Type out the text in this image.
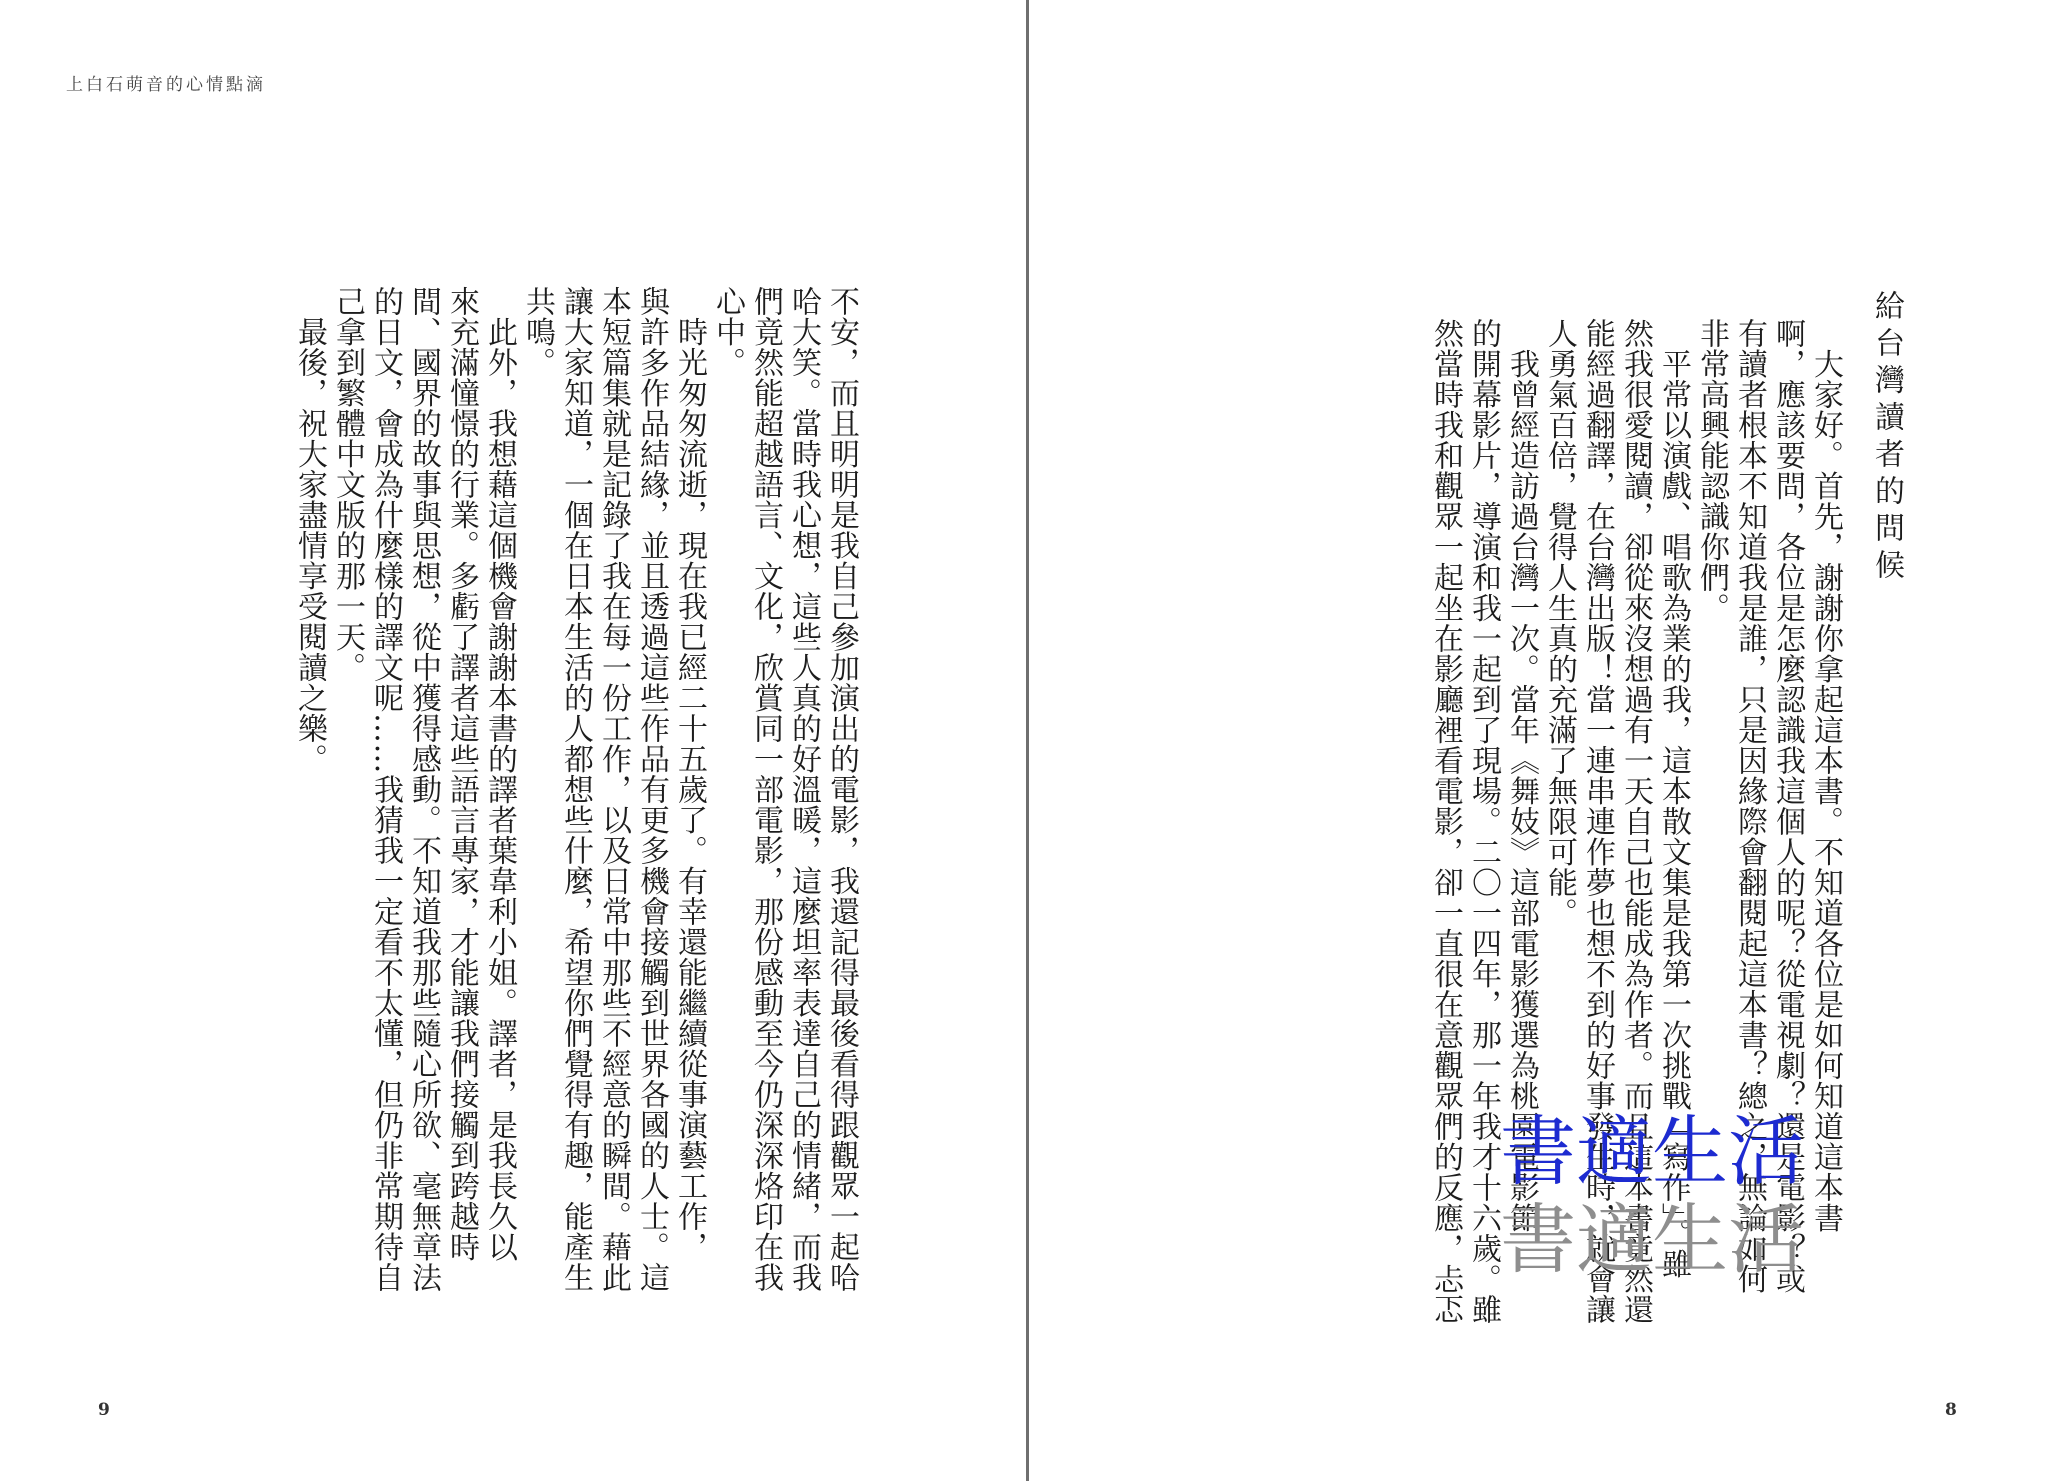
上白石萌音的心情點滴
不安，而且明明是我自己參加演出的電影，我還記得最後看得跟觀眾一起哈
哈大笑。當時我心想，這些人真的好溫暖，這麼坦率表達自己的情緒，而我
們竟然能超越語言、文化，欣賞同一部電影，那份感動至今仍深深烙印在我
心中。
　時光匆匆流逝，現在我已經二十五歲了。有幸還能繼續從事演藝工作，
與許多作品結緣，並且透過這些作品有更多機會接觸到世界各國的人士。這
本短篇集就是記錄了我在每一份工作，以及日常中那些不經意的瞬間。藉此
讓大家知道，一個在日本生活的人都想些什麼，希望你們覺得有趣，能產生
共鳴。
　此外，我想藉這個機會謝謝本書的譯者葉韋利小姐。譯者，是我長久以
來充滿憧憬的行業。多虧了譯者這些語言專家，才能讓我們接觸到跨越時
間、國界的故事與思想，從中獲得感動。不知道我那些隨心所欲、毫無章法
的日文，會成為什麼樣的譯文呢……我猜我一定看不太懂，但仍非常期待自
己拿到繁體中文版的那一天。
　最後，祝大家盡情享受閱讀之樂。
9
給台灣讀者的問候
　大家好。首先，謝謝你拿起這本書。不知道各位是如何知道這本書
啊，應該要問，各位是怎麼認識我這個人的呢？從電視劇？還是電影？或
有讀者根本不知道我是誰，只是因緣際會翻閱起這本書？總之，無論如何
非常高興能認識你們。
　平常以演戲、唱歌為業的我，這本散文集是我第一次挑戰「寫作」。雖
然我很愛閱讀，卻從來沒想過有一天自己也能成為作者。而且這本書竟然還
能經過翻譯，在台灣出版！當一連串連作夢也想不到的好事發生時，就會讓
人勇氣百倍，覺得人生真的充滿了無限可能。
　我曾經造訪過台灣一次。當年《舞妓》這部電影獲選為桃園電影節
的開幕影片，導演和我一起到了現場。二〇一四年，那一年我才十六歲。雖
然當時我和觀眾一起坐在影廳裡看電影，卻一直很在意觀眾們的反應，忐忑 書適生活
書適生活
8
